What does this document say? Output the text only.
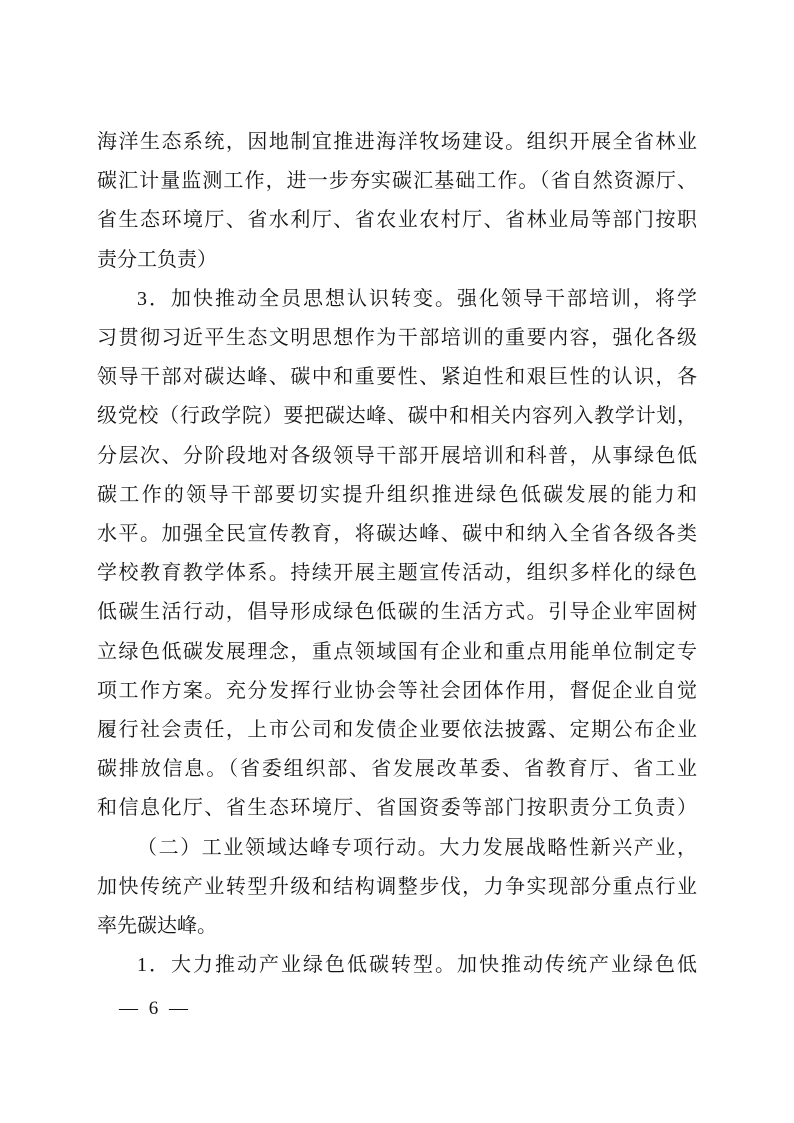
海洋生态系统，因地制宜推进海洋牧场建设。组织开展全省林业

碳汇计量监测工作，进一步夯实碳汇基础工作。（省自然资源厅、

省生态环境厅、省水利厅、省农业农村厅、省林业局等部门按职

责分工负责）

3．加快推动全员思想认识转变。强化领导干部培训，将学

习贯彻习近平生态文明思想作为干部培训的重要内容，强化各级

领导干部对碳达峰、碳中和重要性、紧迫性和艰巨性的认识，各

级党校（行政学院）要把碳达峰、碳中和相关内容列入教学计划，

分层次、分阶段地对各级领导干部开展培训和科普，从事绿色低

碳工作的领导干部要切实提升组织推进绿色低碳发展的能力和

水平。加强全民宣传教育，将碳达峰、碳中和纳入全省各级各类

学校教育教学体系。持续开展主题宣传活动，组织多样化的绿色

低碳生活行动，倡导形成绿色低碳的生活方式。引导企业牢固树

立绿色低碳发展理念，重点领域国有企业和重点用能单位制定专

项工作方案。充分发挥行业协会等社会团体作用，督促企业自觉

履行社会责任，上市公司和发债企业要依法披露、定期公布企业

碳排放信息。（省委组织部、省发展改革委、省教育厅、省工业

和信息化厅、省生态环境厅、省国资委等部门按职责分工负责）

（二）工业领域达峰专项行动。大力发展战略性新兴产业，

加快传统产业转型升级和结构调整步伐，力争实现部分重点行业

率先碳达峰。

1．大力推动产业绿色低碳转型。加快推动传统产业绿色低

— 6 —
